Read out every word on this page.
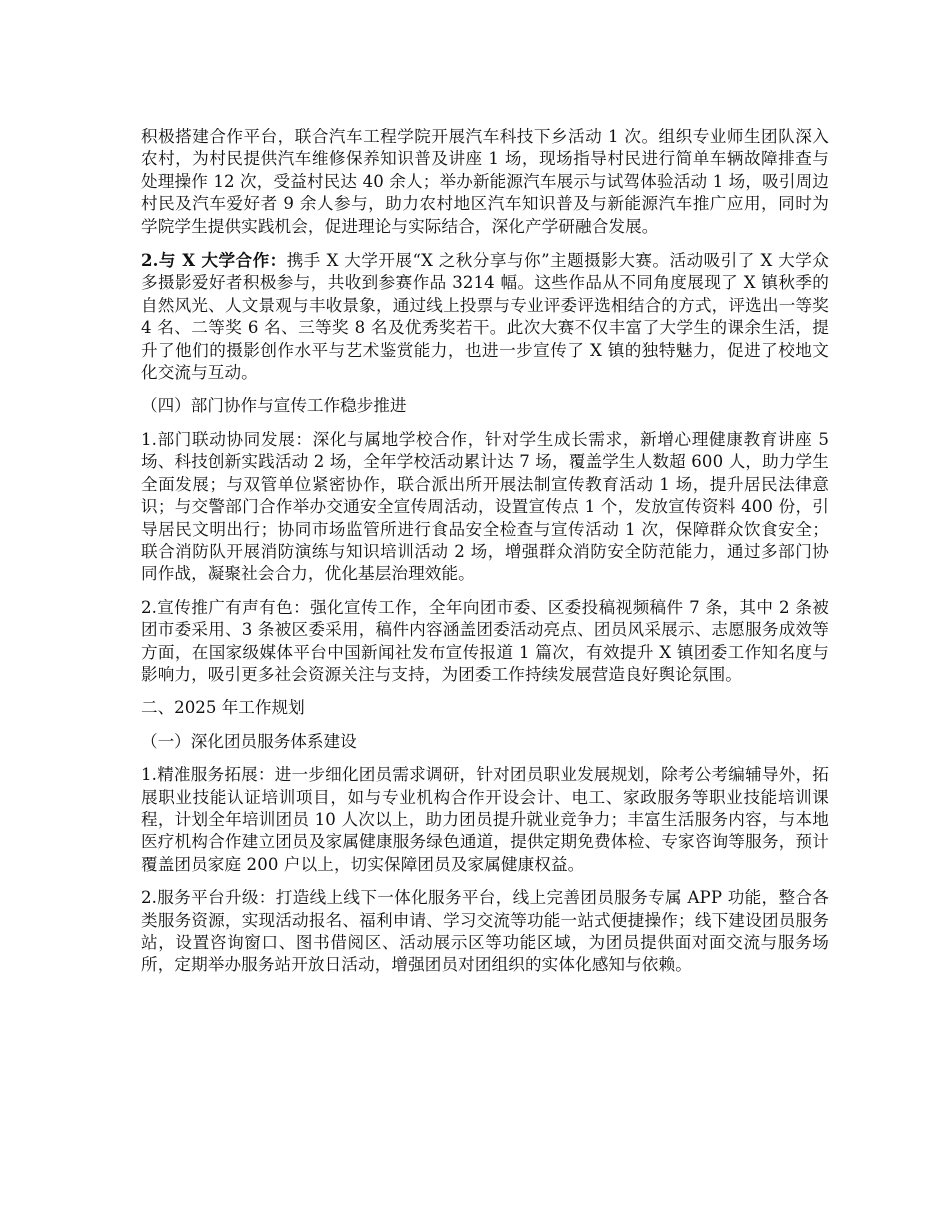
积极搭建合作平台，联合汽车工程学院开展汽车科技下乡活动 1 次。组织专业师生团队深入农村，为村民提供汽车维修保养知识普及讲座 1 场，现场指导村民进行简单车辆故障排查与处理操作 12 次，受益村民达 40 余人；举办新能源汽车展示与试驾体验活动 1 场，吸引周边村民及汽车爱好者 9 余人参与，助力农村地区汽车知识普及与新能源汽车推广应用，同时为学院学生提供实践机会，促进理论与实际结合，深化产学研融合发展。

2.与 X 大学合作：携手 X 大学开展“X 之秋分享与你”主题摄影大赛。活动吸引了 X 大学众多摄影爱好者积极参与，共收到参赛作品 3214 幅。这些作品从不同角度展现了 X 镇秋季的自然风光、人文景观与丰收景象，通过线上投票与专业评委评选相结合的方式，评选出一等奖 4 名、二等奖 6 名、三等奖 8 名及优秀奖若干。此次大赛不仅丰富了大学生的课余生活，提升了他们的摄影创作水平与艺术鉴赏能力，也进一步宣传了 X 镇的独特魅力，促进了校地文化交流与互动。

（四）部门协作与宣传工作稳步推进

1.部门联动协同发展：深化与属地学校合作，针对学生成长需求，新增心理健康教育讲座 5 场、科技创新实践活动 2 场，全年学校活动累计达 7 场，覆盖学生人数超 600 人，助力学生全面发展；与双管单位紧密协作，联合派出所开展法制宣传教育活动 1 场，提升居民法律意识；与交警部门合作举办交通安全宣传周活动，设置宣传点 1 个，发放宣传资料 400 份，引导居民文明出行；协同市场监管所进行食品安全检查与宣传活动 1 次，保障群众饮食安全；联合消防队开展消防演练与知识培训活动 2 场，增强群众消防安全防范能力，通过多部门协同作战，凝聚社会合力，优化基层治理效能。

2.宣传推广有声有色：强化宣传工作，全年向团市委、区委投稿视频稿件 7 条，其中 2 条被团市委采用、3 条被区委采用，稿件内容涵盖团委活动亮点、团员风采展示、志愿服务成效等方面，在国家级媒体平台中国新闻社发布宣传报道 1 篇次，有效提升 X 镇团委工作知名度与影响力，吸引更多社会资源关注与支持，为团委工作持续发展营造良好舆论氛围。

二、2025 年工作规划

（一）深化团员服务体系建设

1.精准服务拓展：进一步细化团员需求调研，针对团员职业发展规划，除考公考编辅导外，拓展职业技能认证培训项目，如与专业机构合作开设会计、电工、家政服务等职业技能培训课程，计划全年培训团员 10 人次以上，助力团员提升就业竞争力；丰富生活服务内容，与本地医疗机构合作建立团员及家属健康服务绿色通道，提供定期免费体检、专家咨询等服务，预计覆盖团员家庭 200 户以上，切实保障团员及家属健康权益。

2.服务平台升级：打造线上线下一体化服务平台，线上完善团员服务专属 APP 功能，整合各类服务资源，实现活动报名、福利申请、学习交流等功能一站式便捷操作；线下建设团员服务站，设置咨询窗口、图书借阅区、活动展示区等功能区域，为团员提供面对面交流与服务场所，定期举办服务站开放日活动，增强团员对团组织的实体化感知与依赖。
